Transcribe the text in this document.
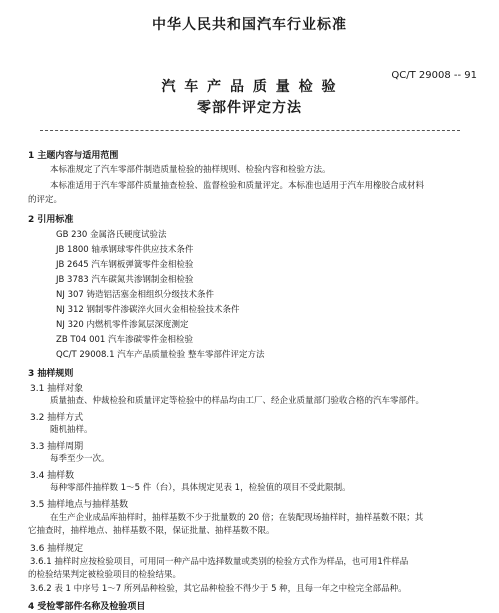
中华人民共和国汽车行业标准
QC/T 29008 -- 91
汽 车 产 品 质 量 检 验
零部件评定方法
1 主题内容与适用范围
本标准规定了汽车零部件制造质量检验的抽样规则、检验内容和检验方法。
本标准适用于汽车零部件质量抽查检验、监督检验和质量评定。本标准也适用于汽车用橡胶合成材料
的评定。
2 引用标准
GB 230 金属洛氏硬度试验法
JB 1800 轴承钢球零件供应技术条件
JB 2645 汽车钢板弹簧零件金相检验
JB 3783 汽车碳氮共渗钢制金相检验
NJ 307 铸造铝活塞金相组织分级技术条件
NJ 312 钢制零件渗碳淬火回火金相检验技术条件
NJ 320 内燃机零件渗氮层深度测定
ZB T04 001 汽车渗碳零件金相检验
QC/T 29008.1 汽车产品质量检验 整车零部件评定方法
3 抽样规则
3.1 抽样对象
质量抽查、仲裁检验和质量评定等检验中的样品均由工厂、经企业质量部门验收合格的汽车零部件。
3.2 抽样方式
随机抽样。
3.3 抽样周期
每季至少一次。
3.4 抽样数
每种零部件抽样数 1～5 件（台），具体规定见表 1，检验值的项目不受此限制。
3.5 抽样地点与抽样基数
在生产企业成品库抽样时，抽样基数不少于批量数的 20 倍；在装配现场抽样时，抽样基数不限；其
它抽查时，抽样地点、抽样基数不限，保证批量、抽样基数不限。
3.6 抽样规定
3.6.1 抽样时应按检验项目，可用同一种产品中选择数量或类别的检验方式作为样品，也可用1件样品
的检验结果判定被检验项目的检验结果。
3.6.2 表 1 中序号 1～7 所列品种检验，其它品种检验不得少于 5 种，且每一年之中检完全部品种。
4 受检零部件名称及检验项目
